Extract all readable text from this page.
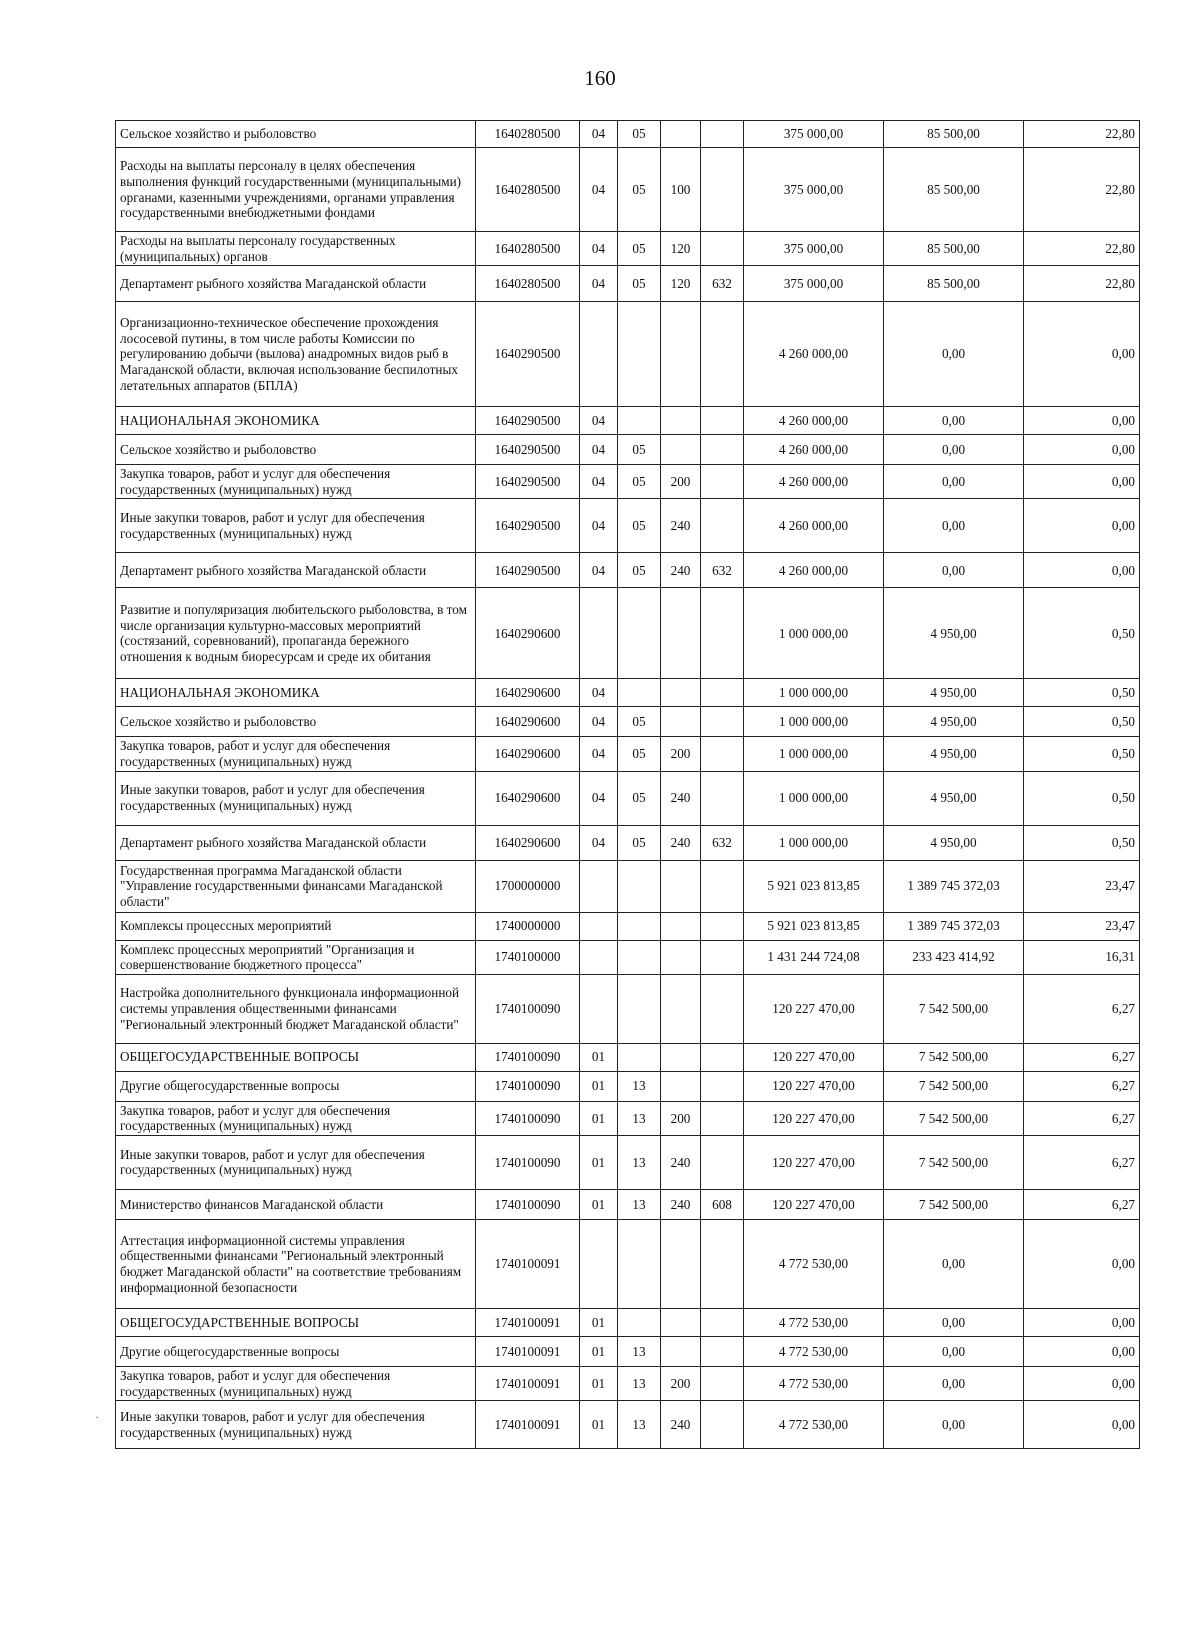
160
Сельское хозяйство и рыболовство	1640280500	04	05			375 000,00	85 500,00	22,80
Расходы на выплаты персоналу в целях обеспечения выполнения функций государственными (муниципальными) органами, казенными учреждениями, органами управления государственными внебюджетными фондами	1640280500	04	05	100		375 000,00	85 500,00	22,80
Расходы на выплаты персоналу государственных (муниципальных) органов	1640280500	04	05	120		375 000,00	85 500,00	22,80
Департамент рыбного хозяйства Магаданской области	1640280500	04	05	120	632	375 000,00	85 500,00	22,80
Организационно-техническое обеспечение прохождения лососевой путины, в том числе работы Комиссии по регулированию добычи (вылова) анадромных видов рыб в Магаданской области, включая использование беспилотных летательных аппаратов (БПЛА)	1640290500					4 260 000,00	0,00	0,00
НАЦИОНАЛЬНАЯ ЭКОНОМИКА	1640290500	04				4 260 000,00	0,00	0,00
Сельское хозяйство и рыболовство	1640290500	04	05			4 260 000,00	0,00	0,00
Закупка товаров, работ и услуг для обеспечения государственных (муниципальных) нужд	1640290500	04	05	200		4 260 000,00	0,00	0,00
Иные закупки товаров, работ и услуг для обеспечения государственных (муниципальных) нужд	1640290500	04	05	240		4 260 000,00	0,00	0,00
Департамент рыбного хозяйства Магаданской области	1640290500	04	05	240	632	4 260 000,00	0,00	0,00
Развитие и популяризация любительского рыболовства, в том числе организация культурно-массовых мероприятий (состязаний, соревнований), пропаганда бережного отношения к водным биоресурсам и среде их обитания	1640290600					1 000 000,00	4 950,00	0,50
НАЦИОНАЛЬНАЯ ЭКОНОМИКА	1640290600	04				1 000 000,00	4 950,00	0,50
Сельское хозяйство и рыболовство	1640290600	04	05			1 000 000,00	4 950,00	0,50
Закупка товаров, работ и услуг для обеспечения государственных (муниципальных) нужд	1640290600	04	05	200		1 000 000,00	4 950,00	0,50
Иные закупки товаров, работ и услуг для обеспечения государственных (муниципальных) нужд	1640290600	04	05	240		1 000 000,00	4 950,00	0,50
Департамент рыбного хозяйства Магаданской области	1640290600	04	05	240	632	1 000 000,00	4 950,00	0,50
Государственная программа Магаданской области "Управление государственными финансами Магаданской области"	1700000000					5 921 023 813,85	1 389 745 372,03	23,47
Комплексы процессных мероприятий	1740000000					5 921 023 813,85	1 389 745 372,03	23,47
Комплекс процессных мероприятий "Организация и совершенствование бюджетного процесса"	1740100000					1 431 244 724,08	233 423 414,92	16,31
Настройка дополнительного функционала информационной системы управления общественными финансами "Региональный электронный бюджет Магаданской области"	1740100090					120 227 470,00	7 542 500,00	6,27
ОБЩЕГОСУДАРСТВЕННЫЕ ВОПРОСЫ	1740100090	01				120 227 470,00	7 542 500,00	6,27
Другие общегосударственные вопросы	1740100090	01	13			120 227 470,00	7 542 500,00	6,27
Закупка товаров, работ и услуг для обеспечения государственных (муниципальных) нужд	1740100090	01	13	200		120 227 470,00	7 542 500,00	6,27
Иные закупки товаров, работ и услуг для обеспечения государственных (муниципальных) нужд	1740100090	01	13	240		120 227 470,00	7 542 500,00	6,27
Министерство финансов Магаданской области	1740100090	01	13	240	608	120 227 470,00	7 542 500,00	6,27
Аттестация информационной системы управления общественными финансами "Региональный электронный бюджет Магаданской области" на соответствие требованиям информационной безопасности	1740100091					4 772 530,00	0,00	0,00
ОБЩЕГОСУДАРСТВЕННЫЕ ВОПРОСЫ	1740100091	01				4 772 530,00	0,00	0,00
Другие общегосударственные вопросы	1740100091	01	13			4 772 530,00	0,00	0,00
Закупка товаров, работ и услуг для обеспечения государственных (муниципальных) нужд	1740100091	01	13	200		4 772 530,00	0,00	0,00
Иные закупки товаров, работ и услуг для обеспечения государственных (муниципальных) нужд	1740100091	01	13	240		4 772 530,00	0,00	0,00
.
